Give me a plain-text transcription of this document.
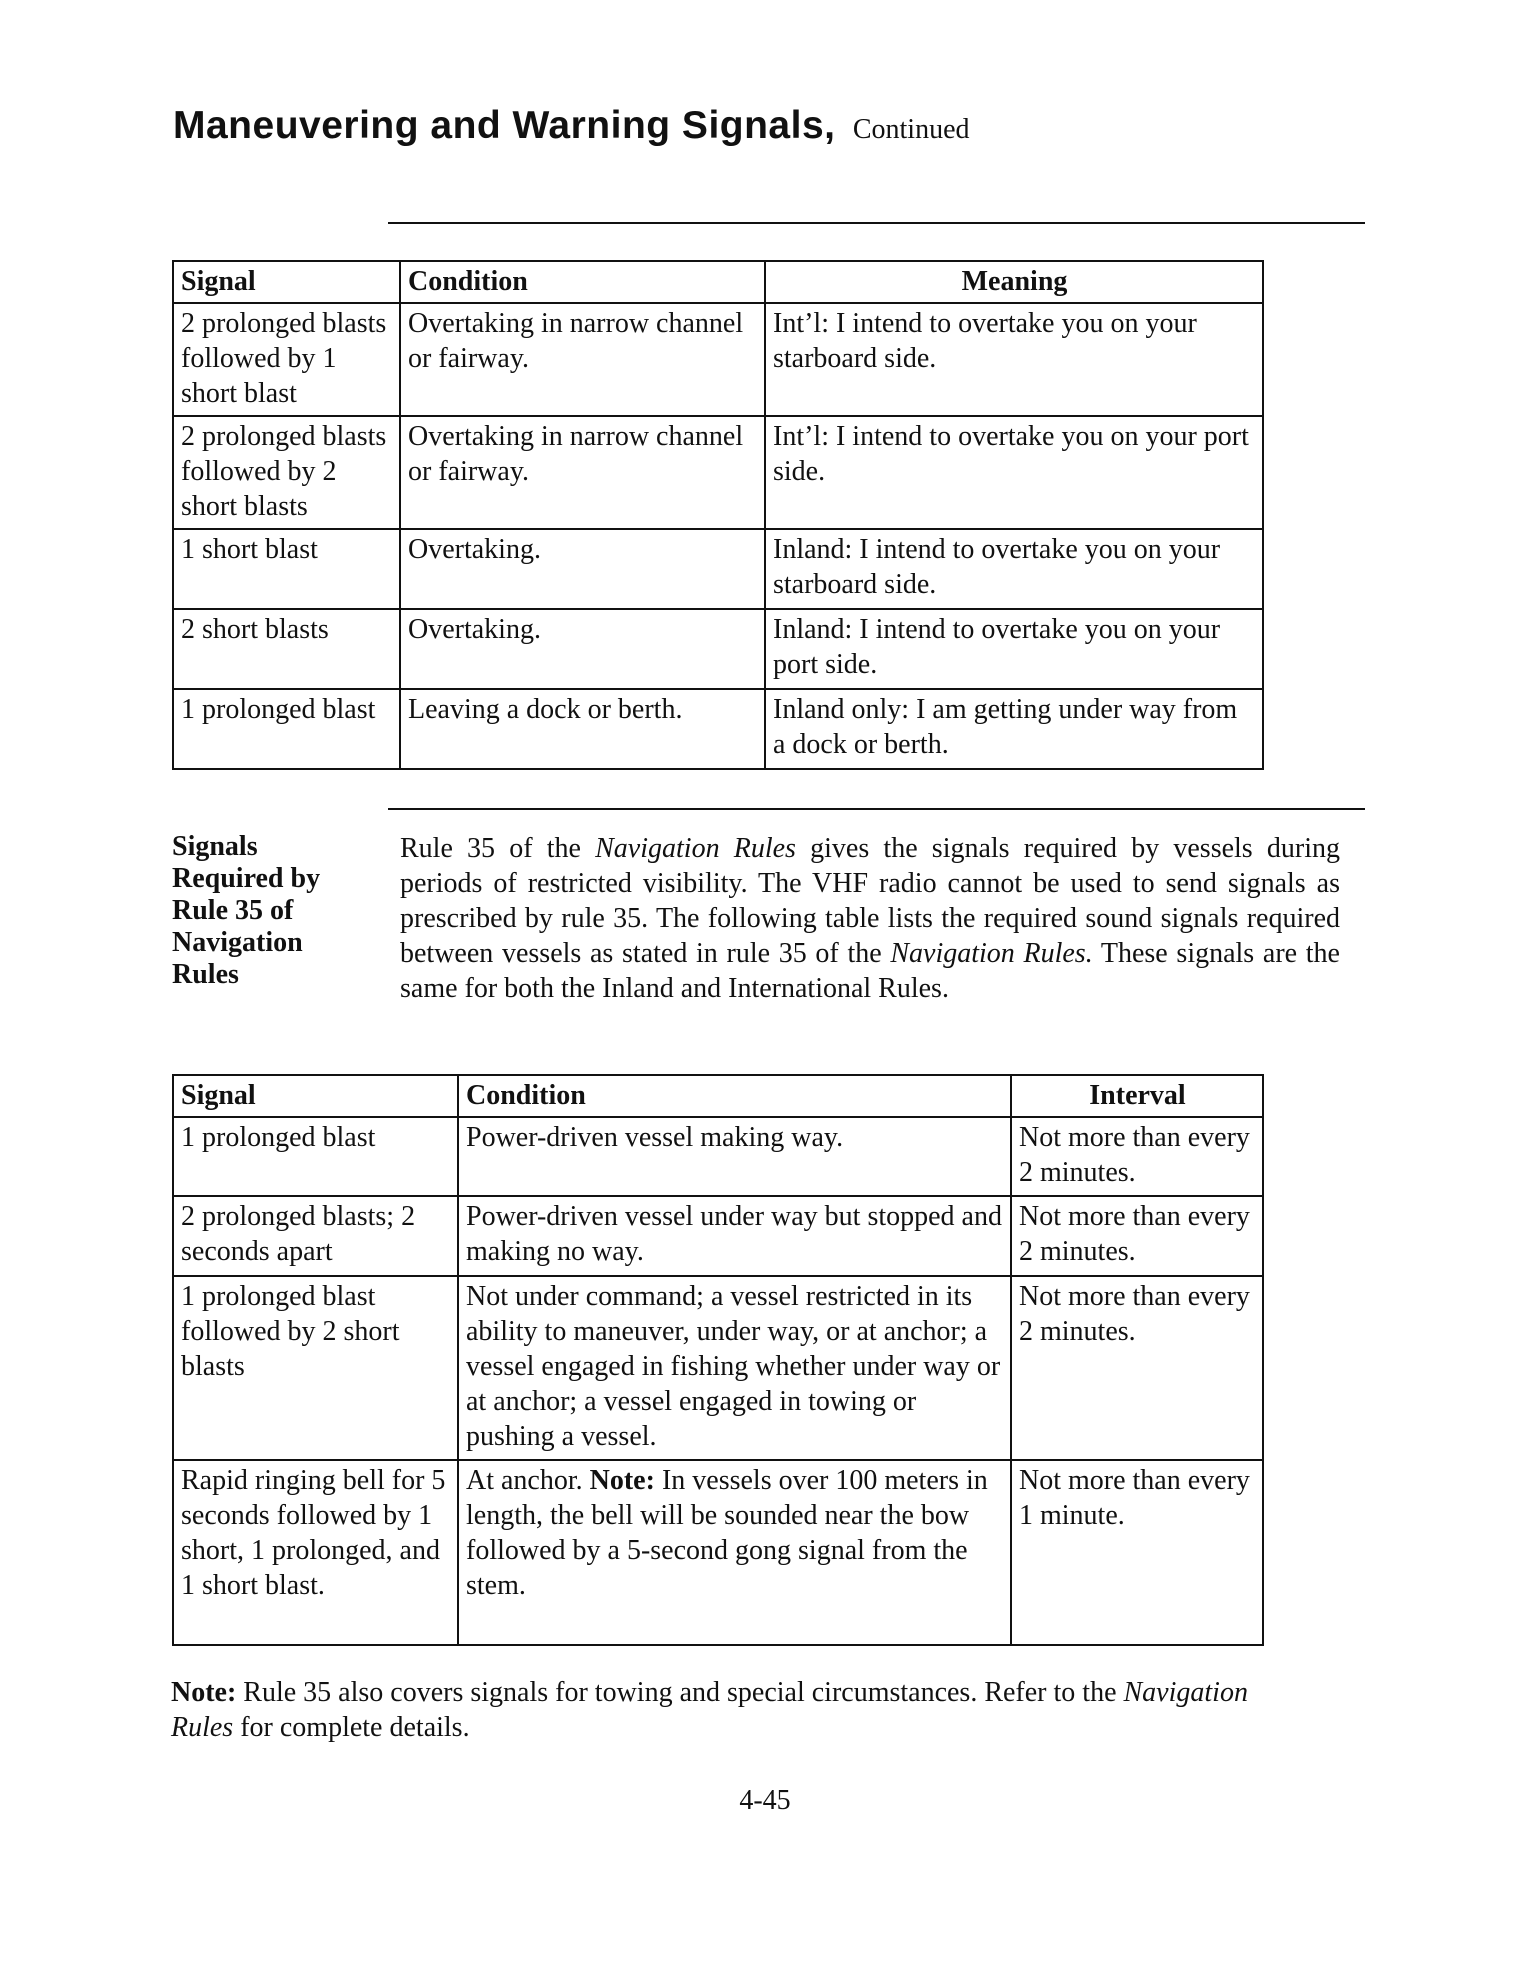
Maneuvering and Warning Signals, Continued
Signal	Condition	Meaning
2 prolonged blasts followed by 1 short blast	Overtaking in narrow channel or fairway.	Int’l: I intend to overtake you on your starboard side.
2 prolonged blasts followed by 2 short blasts	Overtaking in narrow channel or fairway.	Int’l: I intend to overtake you on your port side.
1 short blast	Overtaking.	Inland: I intend to overtake you on your starboard side.
2 short blasts	Overtaking.	Inland: I intend to overtake you on your port side.
1 prolonged blast	Leaving a dock or berth.	Inland only: I am getting under way from a dock or berth.
Signals
Required by
Rule 35 of
Navigation
Rules

Rule 35 of the Navigation Rules gives the signals required by vessels during periods of restricted visibility. The VHF radio cannot be used to send signals as prescribed by rule 35. The following table lists the required sound signals required between vessels as stated in rule 35 of the Navigation Rules. These signals are the same for both the Inland and International Rules.

Signal	Condition	Interval
1 prolonged blast	Power-driven vessel making way.	Not more than every 2 minutes.
2 prolonged blasts; 2 seconds apart	Power-driven vessel under way but stopped and making no way.	Not more than every 2 minutes.
1 prolonged blast followed by 2 short blasts	Not under command; a vessel restricted in its ability to maneuver, under way, or at anchor; a vessel engaged in fishing whether under way or at anchor; a vessel engaged in towing or pushing a vessel.	Not more than every 2 minutes.
Rapid ringing bell for 5 seconds followed by 1 short, 1 prolonged, and 1 short blast.	At anchor. Note: In vessels over 100 meters in length, the bell will be sounded near the bow followed by a 5-second gong signal from the stem.	Not more than every 1 minute.

Note: Rule 35 also covers signals for towing and special circumstances. Refer to the Navigation Rules for complete details.

4-45
